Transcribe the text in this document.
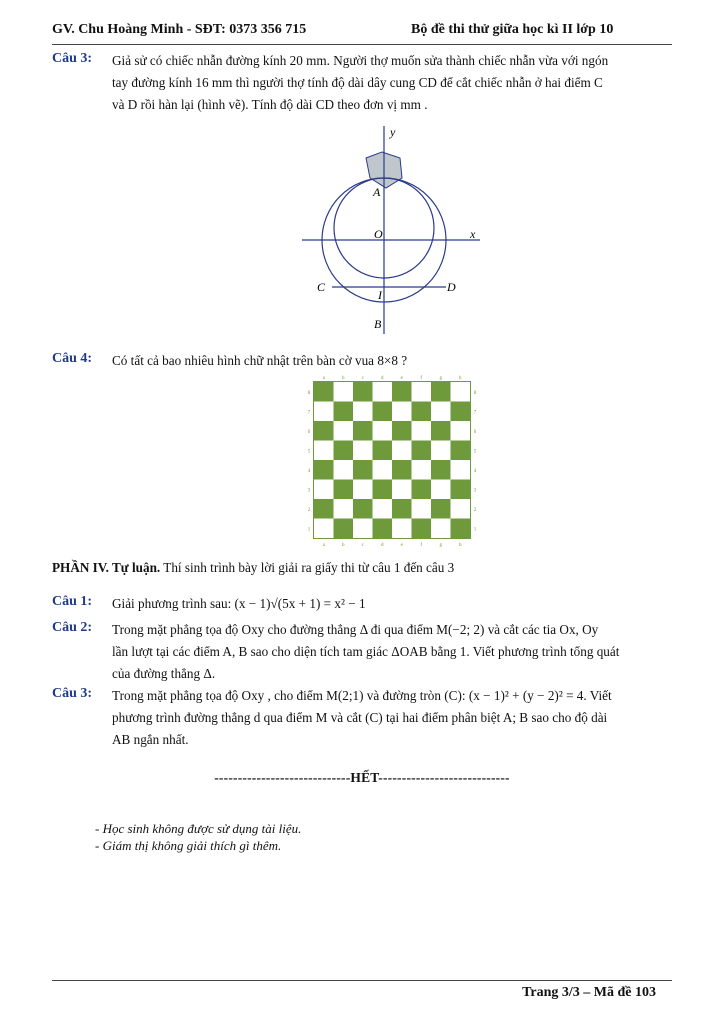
GV. Chu Hoàng Minh - SĐT: 0373 356 715	Bộ đề thi thử giữa học kì II lớp 10
Câu 3: Giả sử có chiếc nhẫn đường kính 20 mm. Người thợ muốn sửa thành chiếc nhẫn vừa với ngón
tay đường kính 16 mm thì người thợ tính độ dài dây cung CD để cắt chiếc nhẫn ở hai điểm C
và D rồi hàn lại (hình vẽ). Tính độ dài CD theo đơn vị mm .
y
x
A
O
C
I
D
B
Câu 4: Có tất cả bao nhiêu hình chữ nhật trên bàn cờ vua 8×8 ?
a
a
b
b
c
c
d
d
e
e
f
f
g
g
h
h
8	8
7	7
6	6
5	5
4	4
3	3
2	2
1	1
PHẦN IV. Tự luận. Thí sinh trình bày lời giải ra giấy thi từ câu 1 đến câu 3
Câu 1: Giải phương trình sau: (x − 1)√(5x + 1) = x² − 1
Câu 2: Trong mặt phẳng tọa độ Oxy cho đường thẳng Δ đi qua điểm M(−2; 2) và cắt các tia Ox, Oy
lần lượt tại các điểm A, B sao cho diện tích tam giác ΔOAB bằng 1. Viết phương trình tổng quát
của đường thẳng Δ.
Câu 3: Trong mặt phẳng tọa độ Oxy , cho điểm M(2;1) và đường tròn (C): (x − 1)² + (y − 2)² = 4. Viết
phương trình đường thẳng d qua điểm M và cắt (C) tại hai điểm phân biệt A; B sao cho độ dài
AB ngắn nhất.
-----------------------------HẾT----------------------------
- Học sinh không được sử dụng tài liệu.
- Giám thị không giải thích gì thêm.
Trang 3/3 – Mã đề 103
